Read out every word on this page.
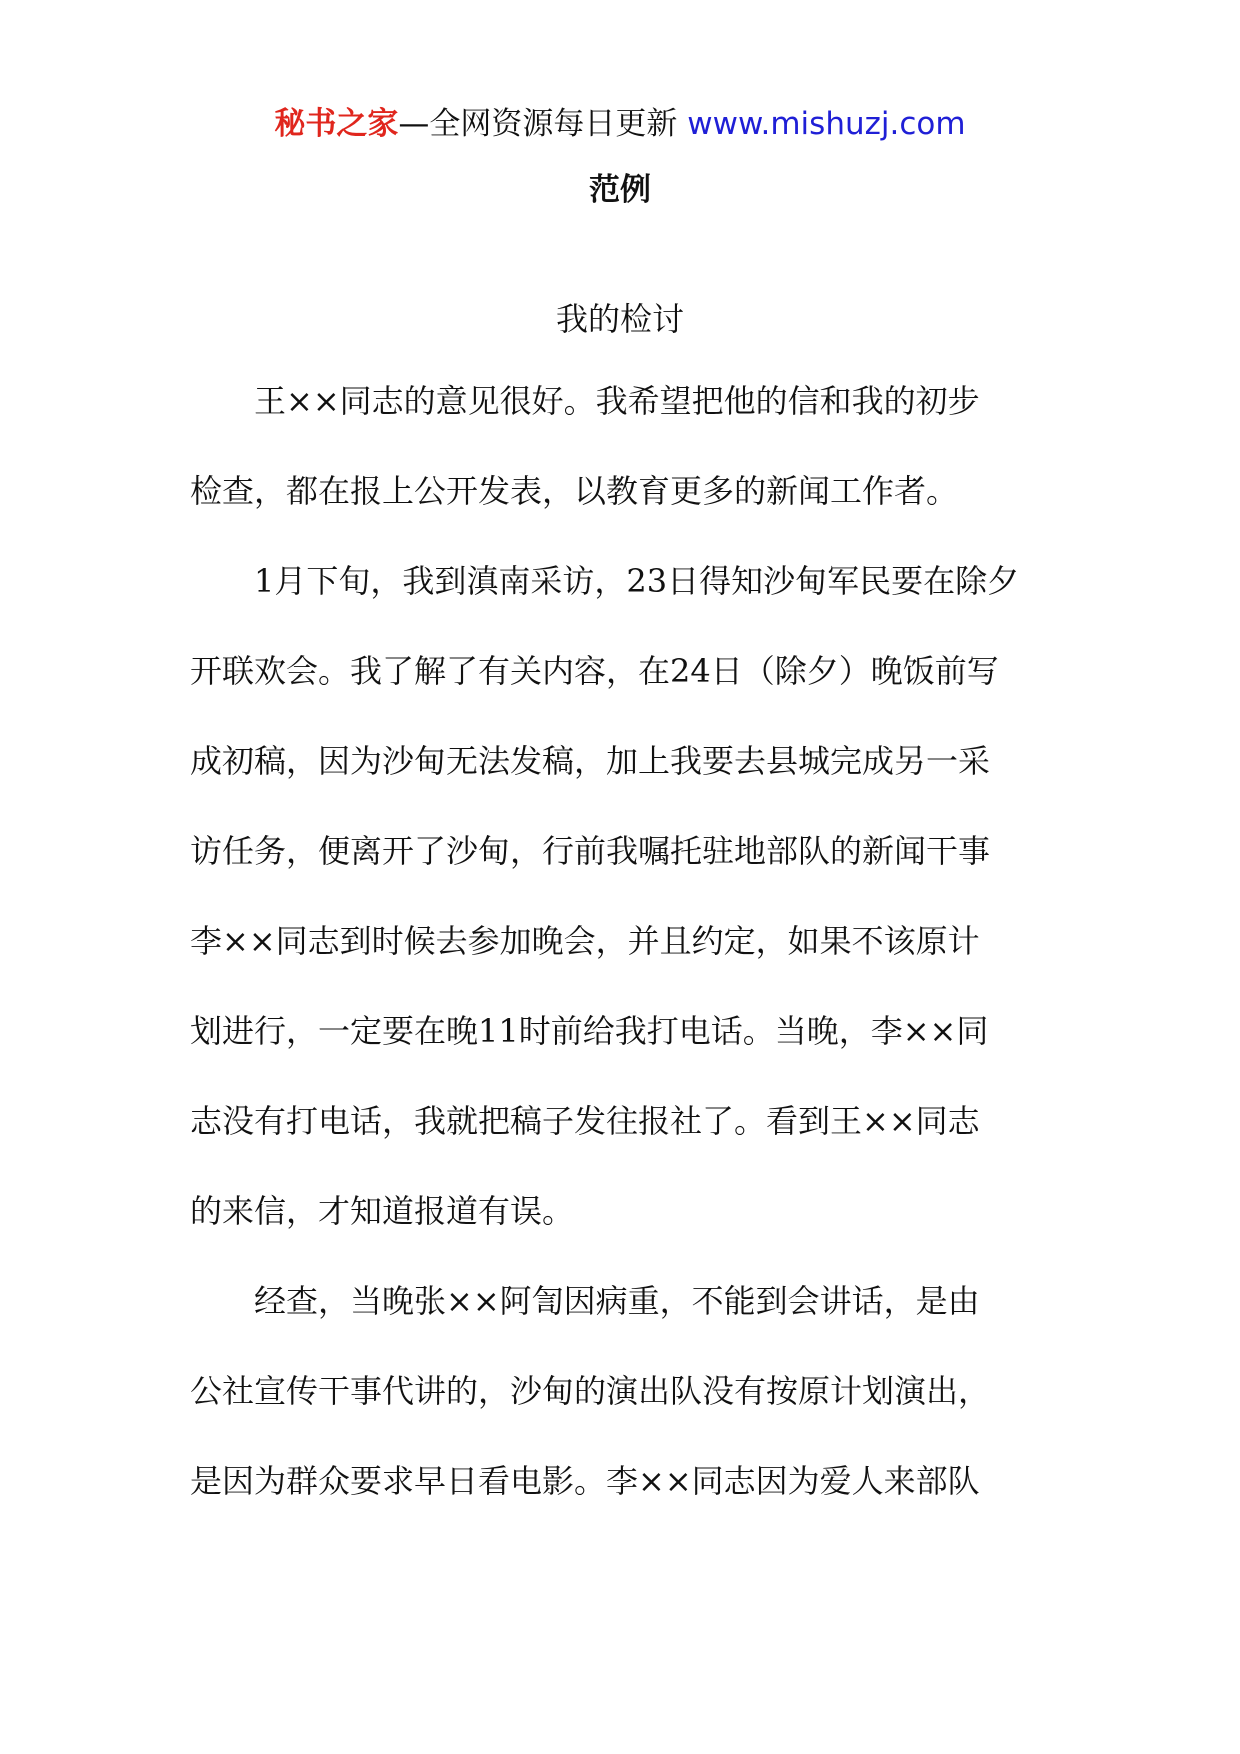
秘书之家—全网资源每日更新 www.mishuzj.com
范例
我的检讨
　　王××同志的意见很好。我希望把他的信和我的初步
检查，都在报上公开发表，以教育更多的新闻工作者。
　　1月下旬，我到滇南采访，23日得知沙甸军民要在除夕
开联欢会。我了解了有关内容，在24日（除夕）晚饭前写
成初稿，因为沙甸无法发稿，加上我要去县城完成另一采
访任务，便离开了沙甸，行前我嘱托驻地部队的新闻干事
李××同志到时候去参加晚会，并且约定，如果不该原计
划进行，一定要在晚11时前给我打电话。当晚，李××同
志没有打电话，我就把稿子发往报社了。看到王××同志
的来信，才知道报道有误。
　　经查，当晚张××阿訇因病重，不能到会讲话，是由
公社宣传干事代讲的，沙甸的演出队没有按原计划演出，
是因为群众要求早日看电影。李××同志因为爱人来部队
